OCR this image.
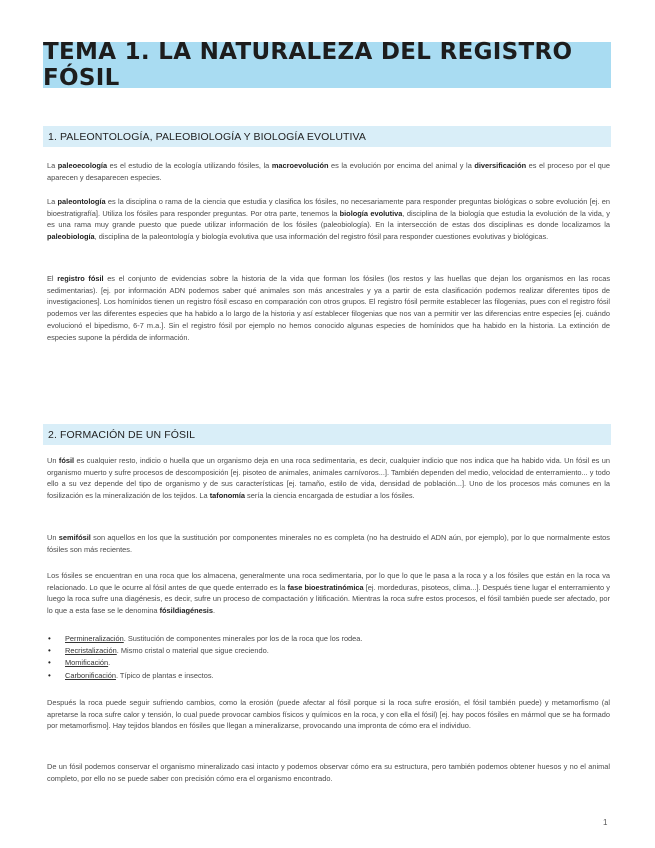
TEMA 1. LA NATURALEZA DEL REGISTRO FÓSIL
1. PALEONTOLOGÍA, PALEOBIOLOGÍA Y BIOLOGÍA EVOLUTIVA

La paleoecología es el estudio de la ecología utilizando fósiles, la macroevolución es la evolución por encima del animal y la diversificación es el proceso por el que aparecen y desaparecen especies.

La paleontología es la disciplina o rama de la ciencia que estudia y clasifica los fósiles, no necesariamente para responder preguntas biológicas o sobre evolución [ej. en bioestratigrafía]. Utiliza los fósiles para responder preguntas. Por otra parte, tenemos la biología evolutiva, disciplina de la biología que estudia la evolución de la vida, y es una rama muy grande puesto que puede utilizar información de los fósiles (paleobiología). En la intersección de estas dos disciplinas es donde localizamos la paleobiología, disciplina de la paleontología y biología evolutiva que usa información del registro fósil para responder cuestiones evolutivas y biológicas.

El registro fósil es el conjunto de evidencias sobre la historia de la vida que forman los fósiles (los restos y las huellas que dejan los organismos en las rocas sedimentarias). [ej. por información ADN podemos saber qué animales son más ancestrales y ya a partir de esta clasificación podemos realizar diferentes tipos de investigaciones]. Los homínidos tienen un registro fósil escaso en comparación con otros grupos. El registro fósil permite establecer las filogenias, pues con el registro fósil podemos ver las diferentes especies que ha habido a lo largo de la historia y así establecer filogenias que nos van a permitir ver las diferencias entre especies [ej. cuándo evolucionó el bipedismo, 6-7 m.a.]. Sin el registro fósil por ejemplo no hemos conocido algunas especies de homínidos que ha habido en la historia. La extinción de especies supone la pérdida de información.

2. FORMACIÓN DE UN FÓSIL

Un fósil es cualquier resto, indicio o huella que un organismo deja en una roca sedimentaria, es decir, cualquier indicio que nos indica que ha habido vida. Un fósil es un organismo muerto y sufre procesos de descomposición [ej. pisoteo de animales, animales carnívoros...]. También dependen del medio, velocidad de enterramiento... y todo ello a su vez depende del tipo de organismo y de sus características [ej. tamaño, estilo de vida, densidad de población...]. Uno de los procesos más comunes en la fosilización es la mineralización de los tejidos. La tafonomía sería la ciencia encargada de estudiar a los fósiles.

Un semifósil son aquellos en los que la sustitución por componentes minerales no es completa (no ha destruido el ADN aún, por ejemplo), por lo que normalmente estos fósiles son más recientes.

Los fósiles se encuentran en una roca que los almacena, generalmente una roca sedimentaria, por lo que lo que le pasa a la roca y a los fósiles que están en la roca va relacionado. Lo que le ocurre al fósil antes de que quede enterrado es la fase bioestratinómica [ej. mordeduras, pisoteos, clima...]. Después tiene lugar el enterramiento y luego la roca sufre una diagénesis, es decir, sufre un proceso de compactación y litificación. Mientras la roca sufre estos procesos, el fósil también puede ser afectado, por lo que a esta fase se le denomina fósildiagénesis.

• Permineralización. Sustitución de componentes minerales por los de la roca que los rodea.
• Recristalización. Mismo cristal o material que sigue creciendo.
• Momificación.
• Carbonificación. Típico de plantas e insectos.

Después la roca puede seguir sufriendo cambios, como la erosión (puede afectar al fósil porque si la roca sufre erosión, el fósil también puede) y metamorfismo (al apretarse la roca sufre calor y tensión, lo cual puede provocar cambios físicos y químicos en la roca, y con ella el fósil) [ej. hay pocos fósiles en mármol que se ha formado por metamorfismo]. Hay tejidos blandos en fósiles que llegan a mineralizarse, provocando una impronta de cómo era el individuo.

De un fósil podemos conservar el organismo mineralizado casi intacto y podemos observar cómo era su estructura, pero también podemos obtener huesos y no el animal completo, por ello no se puede saber con precisión cómo era el organismo encontrado.

1
